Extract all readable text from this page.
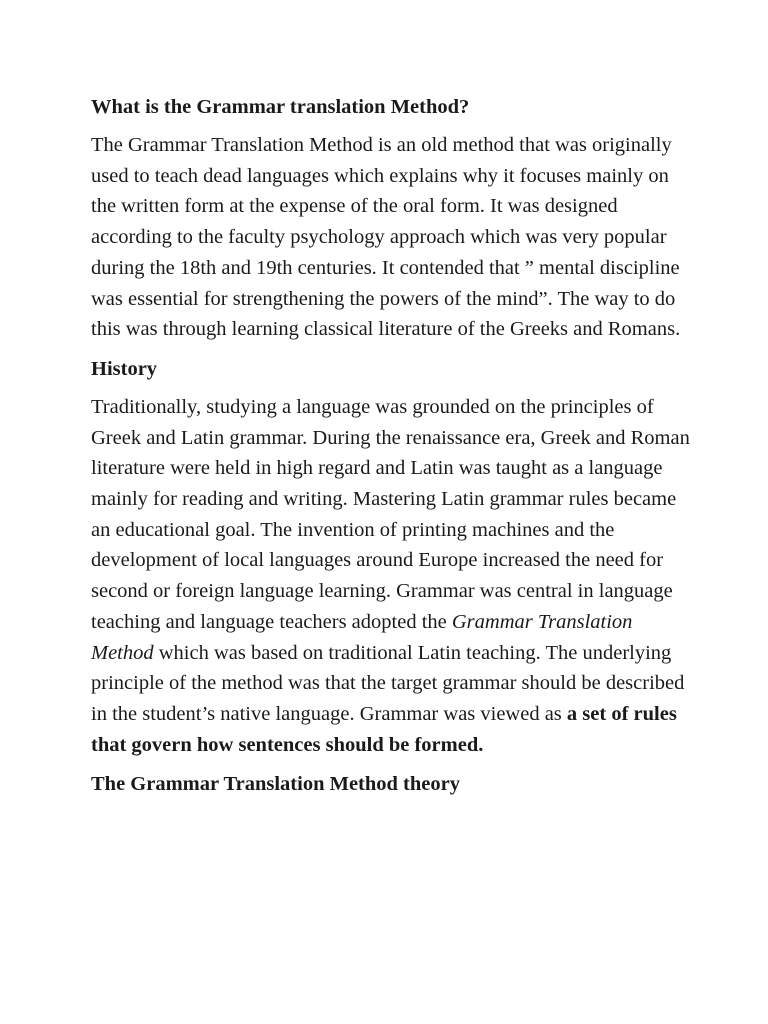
What is the Grammar translation Method?
The Grammar Translation Method is an old method that was originally used to teach dead languages which explains why it focuses mainly on the written form at the expense of the oral form. It was designed according to the faculty psychology approach which was very popular during the 18th and 19th centuries. It contended that ” mental discipline was essential for strengthening the powers of the mind”. The way to do this was through learning classical literature of the Greeks and Romans.
History
Traditionally, studying a language was grounded on the principles of Greek and Latin grammar. During the renaissance era, Greek and Roman literature were held in high regard and Latin was taught as a language mainly for reading and writing. Mastering Latin grammar rules became an educational goal. The invention of printing machines and the development of local languages around Europe increased the need for second or foreign language learning. Grammar was central in language teaching and language teachers adopted the Grammar Translation Method which was based on traditional Latin teaching. The underlying principle of the method was that the target grammar should be described in the student’s native language. Grammar was viewed as a set of rules that govern how sentences should be formed.
The Grammar Translation Method theory
